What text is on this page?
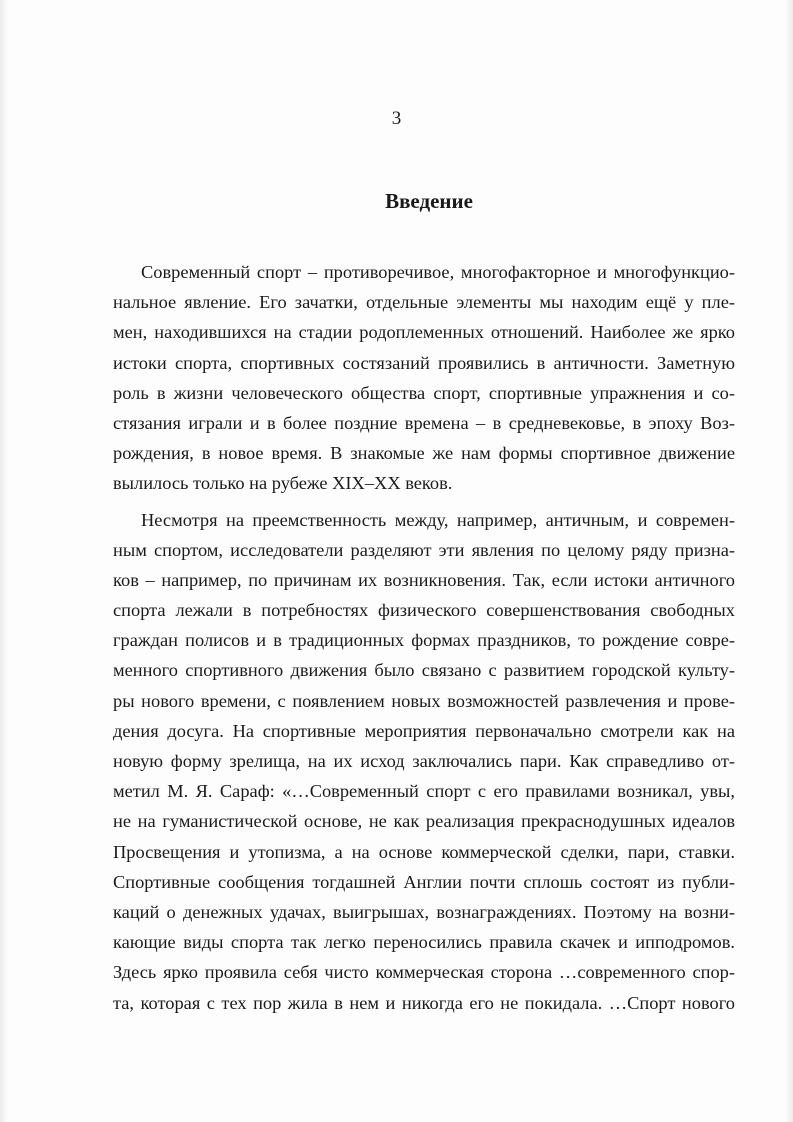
3
Введение
Современный спорт – противоречивое, многофакторное и многофункцио-
нальное явление. Его зачатки, отдельные элементы мы находим ещё у пле-
мен, находившихся на стадии родоплеменных отношений. Наиболее же ярко
истоки спорта, спортивных состязаний проявились в античности. Заметную
роль в жизни человеческого общества спорт, спортивные упражнения и со-
стязания играли и в более поздние времена – в средневековье, в эпоху Воз-
рождения, в новое время. В знакомые же нам формы спортивное движение
вылилось только на рубеже XIX–XX веков.
Несмотря на преемственность между, например, античным, и современ-
ным спортом, исследователи разделяют эти явления по целому ряду призна-
ков – например, по причинам их возникновения. Так, если истоки античного
спорта лежали в потребностях физического совершенствования свободных
граждан полисов и в традиционных формах праздников, то рождение совре-
менного спортивного движения было связано с развитием городской культу-
ры нового времени, с появлением новых возможностей развлечения и прове-
дения досуга. На спортивные мероприятия первоначально смотрели как на
новую форму зрелища, на их исход заключались пари. Как справедливо от-
метил М. Я. Сараф: «…Современный спорт с его правилами возникал, увы,
не на гуманистической основе, не как реализация прекраснодушных идеалов
Просвещения и утопизма, а на основе коммерческой сделки, пари, ставки.
Спортивные сообщения тогдашней Англии почти сплошь состоят из публи-
каций о денежных удачах, выигрышах, вознаграждениях. Поэтому на возни-
кающие виды спорта так легко переносились правила скачек и ипподромов.
Здесь ярко проявила себя чисто коммерческая сторона …современного спор-
та, которая с тех пор жила в нем и никогда его не покидала. …Спорт нового
